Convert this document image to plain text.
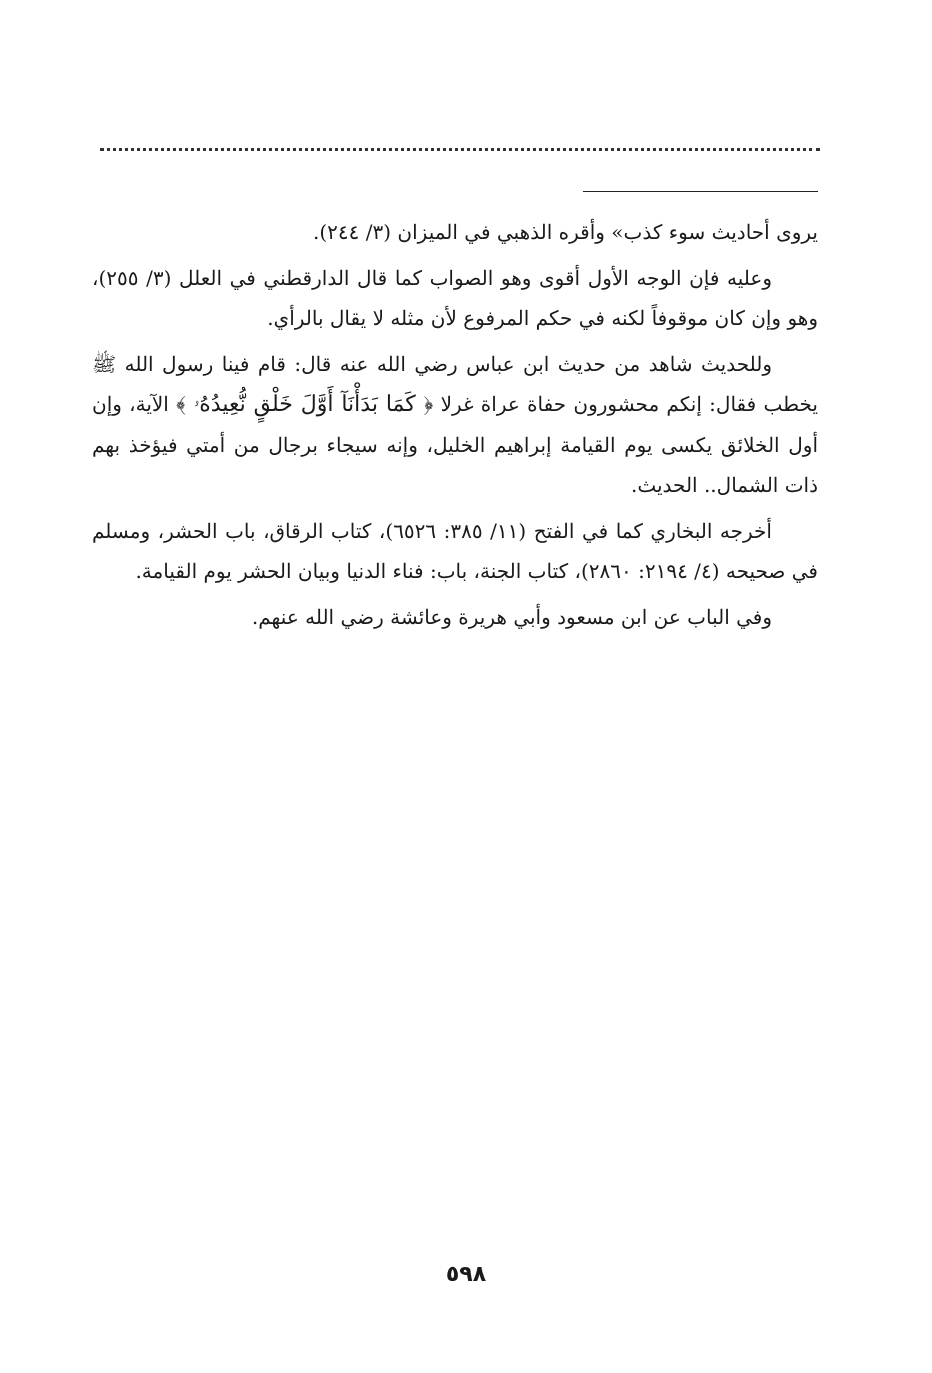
يروى أحاديث سوء كذب» وأقره الذهبي في الميزان (٣/ ٢٤٤).

وعليه فإن الوجه الأول أقوى وهو الصواب كما قال الدارقطني في العلل (٣/ ٢٥٥)، وهو وإن كان موقوفاً لكنه في حكم المرفوع لأن مثله لا يقال بالرأي.

وللحديث شاهد من حديث ابن عباس رضي الله عنه قال: قام فينا رسول الله ﷺ يخطب فقال: إنكم محشورون حفاة عراة غرلا ﴿ كَمَا بَدَأْنَآ أَوَّلَ خَلْقٍ نُّعِيدُهُۥ ﴾ الآية، وإن أول الخلائق يكسى يوم القيامة إبراهيم الخليل، وإنه سيجاء برجال من أمتي فيؤخذ بهم ذات الشمال.. الحديث.

أخرجه البخاري كما في الفتح (١١/ ٣٨٥: ٦٥٢٦)، كتاب الرقاق، باب الحشر، ومسلم في صحيحه (٤/ ٢١٩٤: ٢٨٦٠)، كتاب الجنة، باب: فناء الدنيا وبيان الحشر يوم القيامة.

وفي الباب عن ابن مسعود وأبي هريرة وعائشة رضي الله عنهم.

٥٩٨
